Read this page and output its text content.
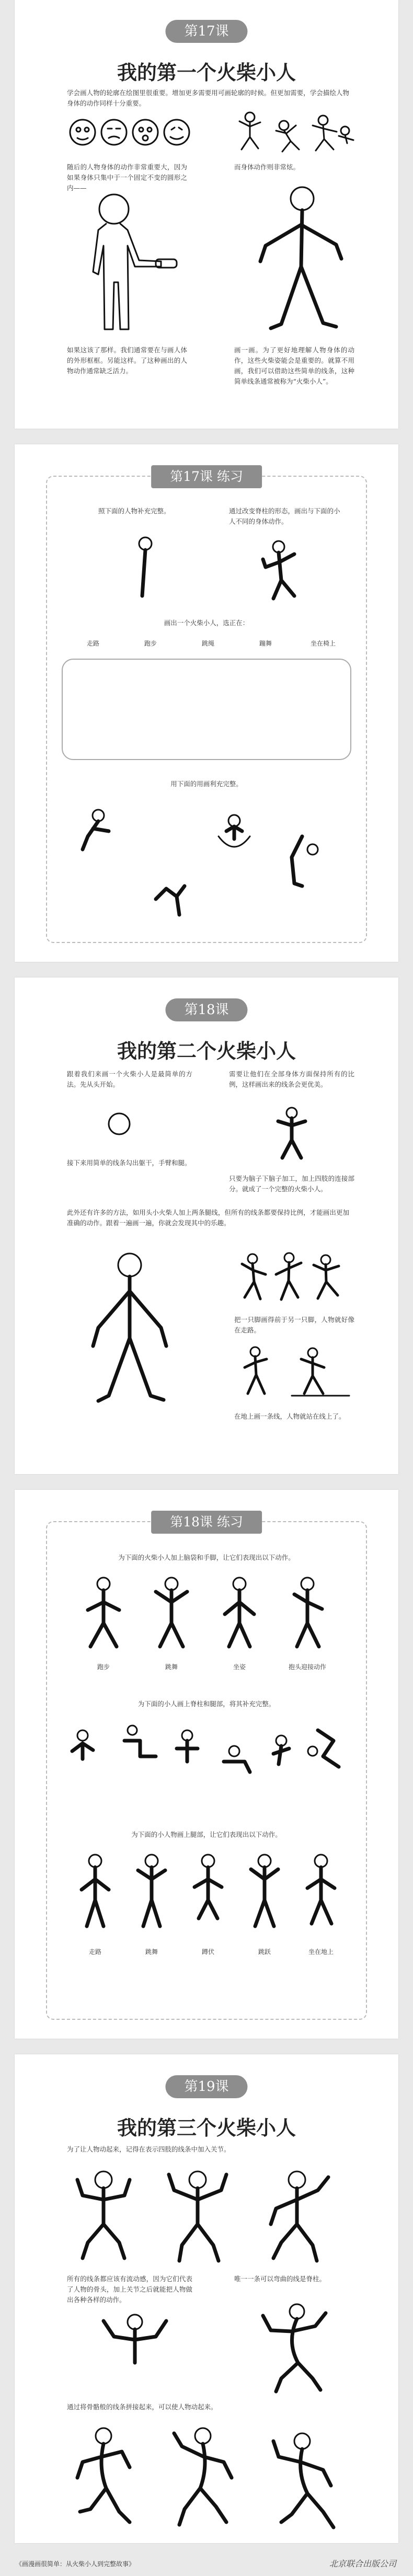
第17课
我的第一个火柴小人
学会画人物的轮廓在绘图里很重要。增加更多需要用可画轮廓的时候。但更加需要，学会描绘人物身体的动作同样十分重要。
随后的人物身体的动作非常重要大，因为如果身体只集中于一个固定不变的圆形之内——
而身体动作则非常炫。
如果这该了那样。我们通常要在与画人体的外形框框。另能这样。了这种画出的人物动作通常缺乏活力。
画一画。为了更好地理解人物身体的动作，这些火柴姿能会是重要的。就算不用画，我们可以借助这些简单的线条，这种简单线条通常被称为“火柴小人”。
第17课 练习
照下面的人物补充完整。	通过改变脊柱的形态，画出与下面的小人不同的身体动作。
画出一个火柴小人，选正在：
走路	跑步	跳绳	蹦舞	坐在椅上
用下面的用画利充完整。
第18课
我的第二个火柴小人
跟着我们来画一个火柴小人是最简单的方法。先从头开始。
需要让他们在全部身体方面保持所有的比例，这样画出来的线条会更优美。
接下来用简单的线条勾出躯干，手臂和腿。
只要为脑子下脑子加工，加上四肢的连接部分。就成了一个完整的火柴小人。
此外还有许多的方法，如用头小火柴人加上两条腿线，但所有的线条都要保持比例，才能画出更加准确的动作。跟着一遍画一遍，你就会发现其中的乐趣。
把一只脚画得前于另一只脚，人物就好像在走路。
在地上画一条线，人物就站在线上了。
第18课 练习
为下面的火柴小人加上脑袋和手脚，让它们表现出以下动作。
跑步	跳舞	坐姿	抱头迎接动作
为下面的小人画上脊柱和腿部，将其补充完整。
为下面的小人物画上腿部，让它们表现出以下动作。
走路	跳舞	蹲伏	跳跃	坐在地上
第19课
我的第三个火柴小人
为了让人物动起来，记得在表示四肢的线条中加入关节。
所有的线条都应该有流动感，因为它们代表了人物的骨头，加上关节之后就能把人物做出各种各样的动作。
唯一一条可以弯曲的线是脊柱。
通过将骨骼般的线条拼接起来，可以使人物动起来。
《画漫画很简单：从火柴小人到完整故事》	北京联合出版公司
